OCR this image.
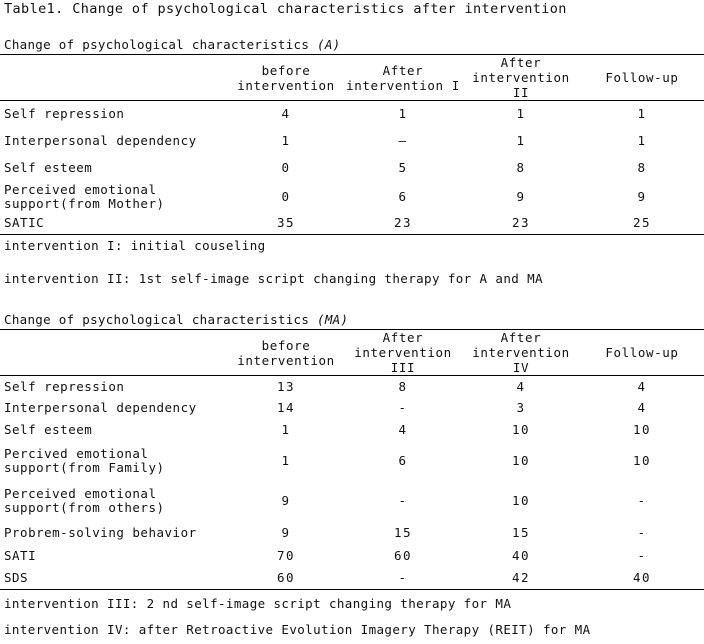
Table1. Change of psychological characteristics after intervention
Change of psychological characteristics (A)
	before intervention	After intervention I	After intervention II	Follow-up
Self repression	4	1	1	1
Interpersonal dependency	1	—	1	1
Self esteem	0	5	8	8
Perceived emotional support(from Mother)	0	6	9	9
SATIC	35	23	23	25
intervention I: initial couseling
intervention II: 1st self-image script changing therapy for A and MA
Change of psychological characteristics (MA)
	before intervention	After intervention III	After intervention IV	Follow-up
Self repression	13	8	4	4
Interpersonal dependency	14	-	3	4
Self esteem	1	4	10	10
Percived emotional support(from Family)	1	6	10	10
Perceived emotional support(from others)	9	-	10	-
Probrem-solving behavior	9	15	15	-
SATI	70	60	40	-
SDS	60	-	42	40
intervention III: 2 nd self-image script changing therapy for MA
intervention IV: after Retroactive Evolution Imagery Therapy (REIT) for MA
